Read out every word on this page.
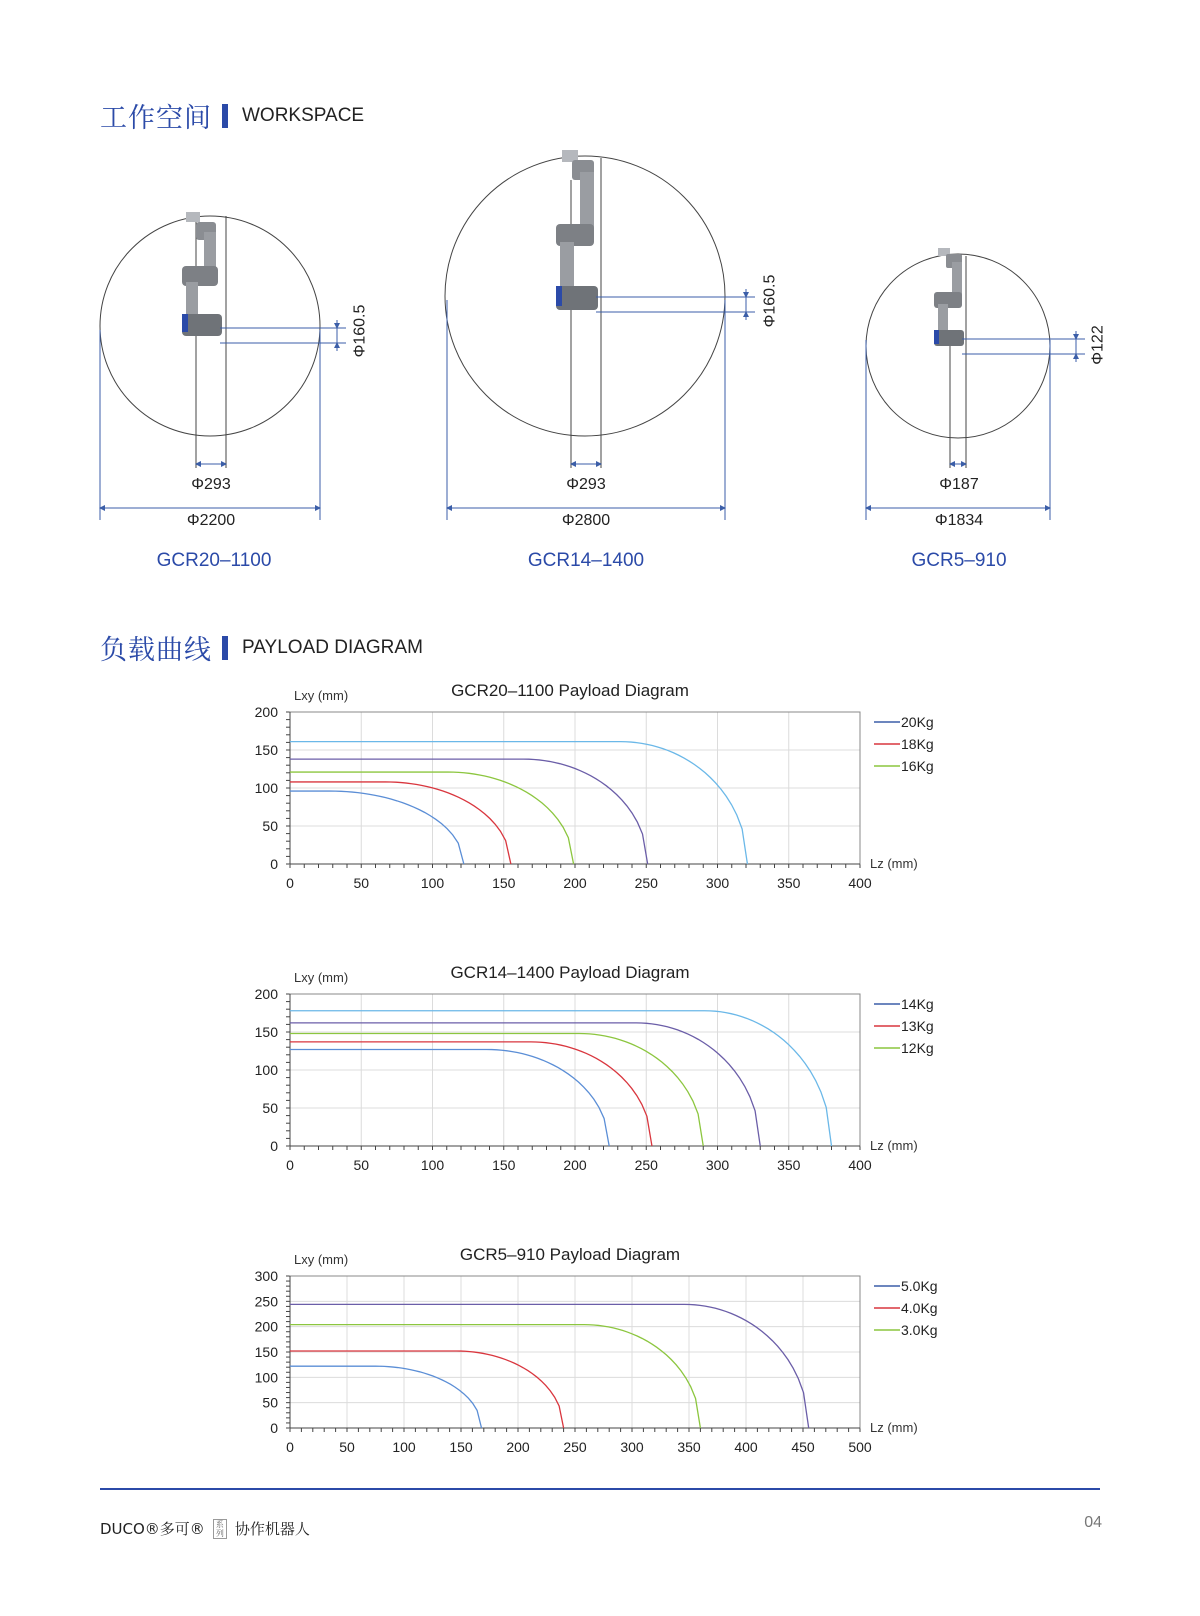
工作空间 WORKSPACE
Φ293
Φ2200
Φ160.5
GCR20–1100
Φ293
Φ2800
Φ160.5
GCR14–1400
Φ187
Φ1834
Φ122
GCR5–910
负载曲线 PAYLOAD DIAGRAM
GCR20–1100 Payload Diagram
Lxy (mm)
Lz (mm)
0	50	100	150	200	250	300	350	400
0
50
100
150
200
20Kg
18Kg
16Kg
GCR14–1400 Payload Diagram
Lxy (mm)
Lz (mm)
0	50	100	150	200	250	300	350	400
0
50
100
150
200
14Kg
13Kg
12Kg
GCR5–910 Payload Diagram
Lxy (mm)
Lz (mm)
0	50	100 150 200 250 300 350 400 450 500
0
50
100
150
200
250
300
5.0Kg
4.0Kg
3.0Kg
DUCO®多可® 系
列 协作机器人	04
